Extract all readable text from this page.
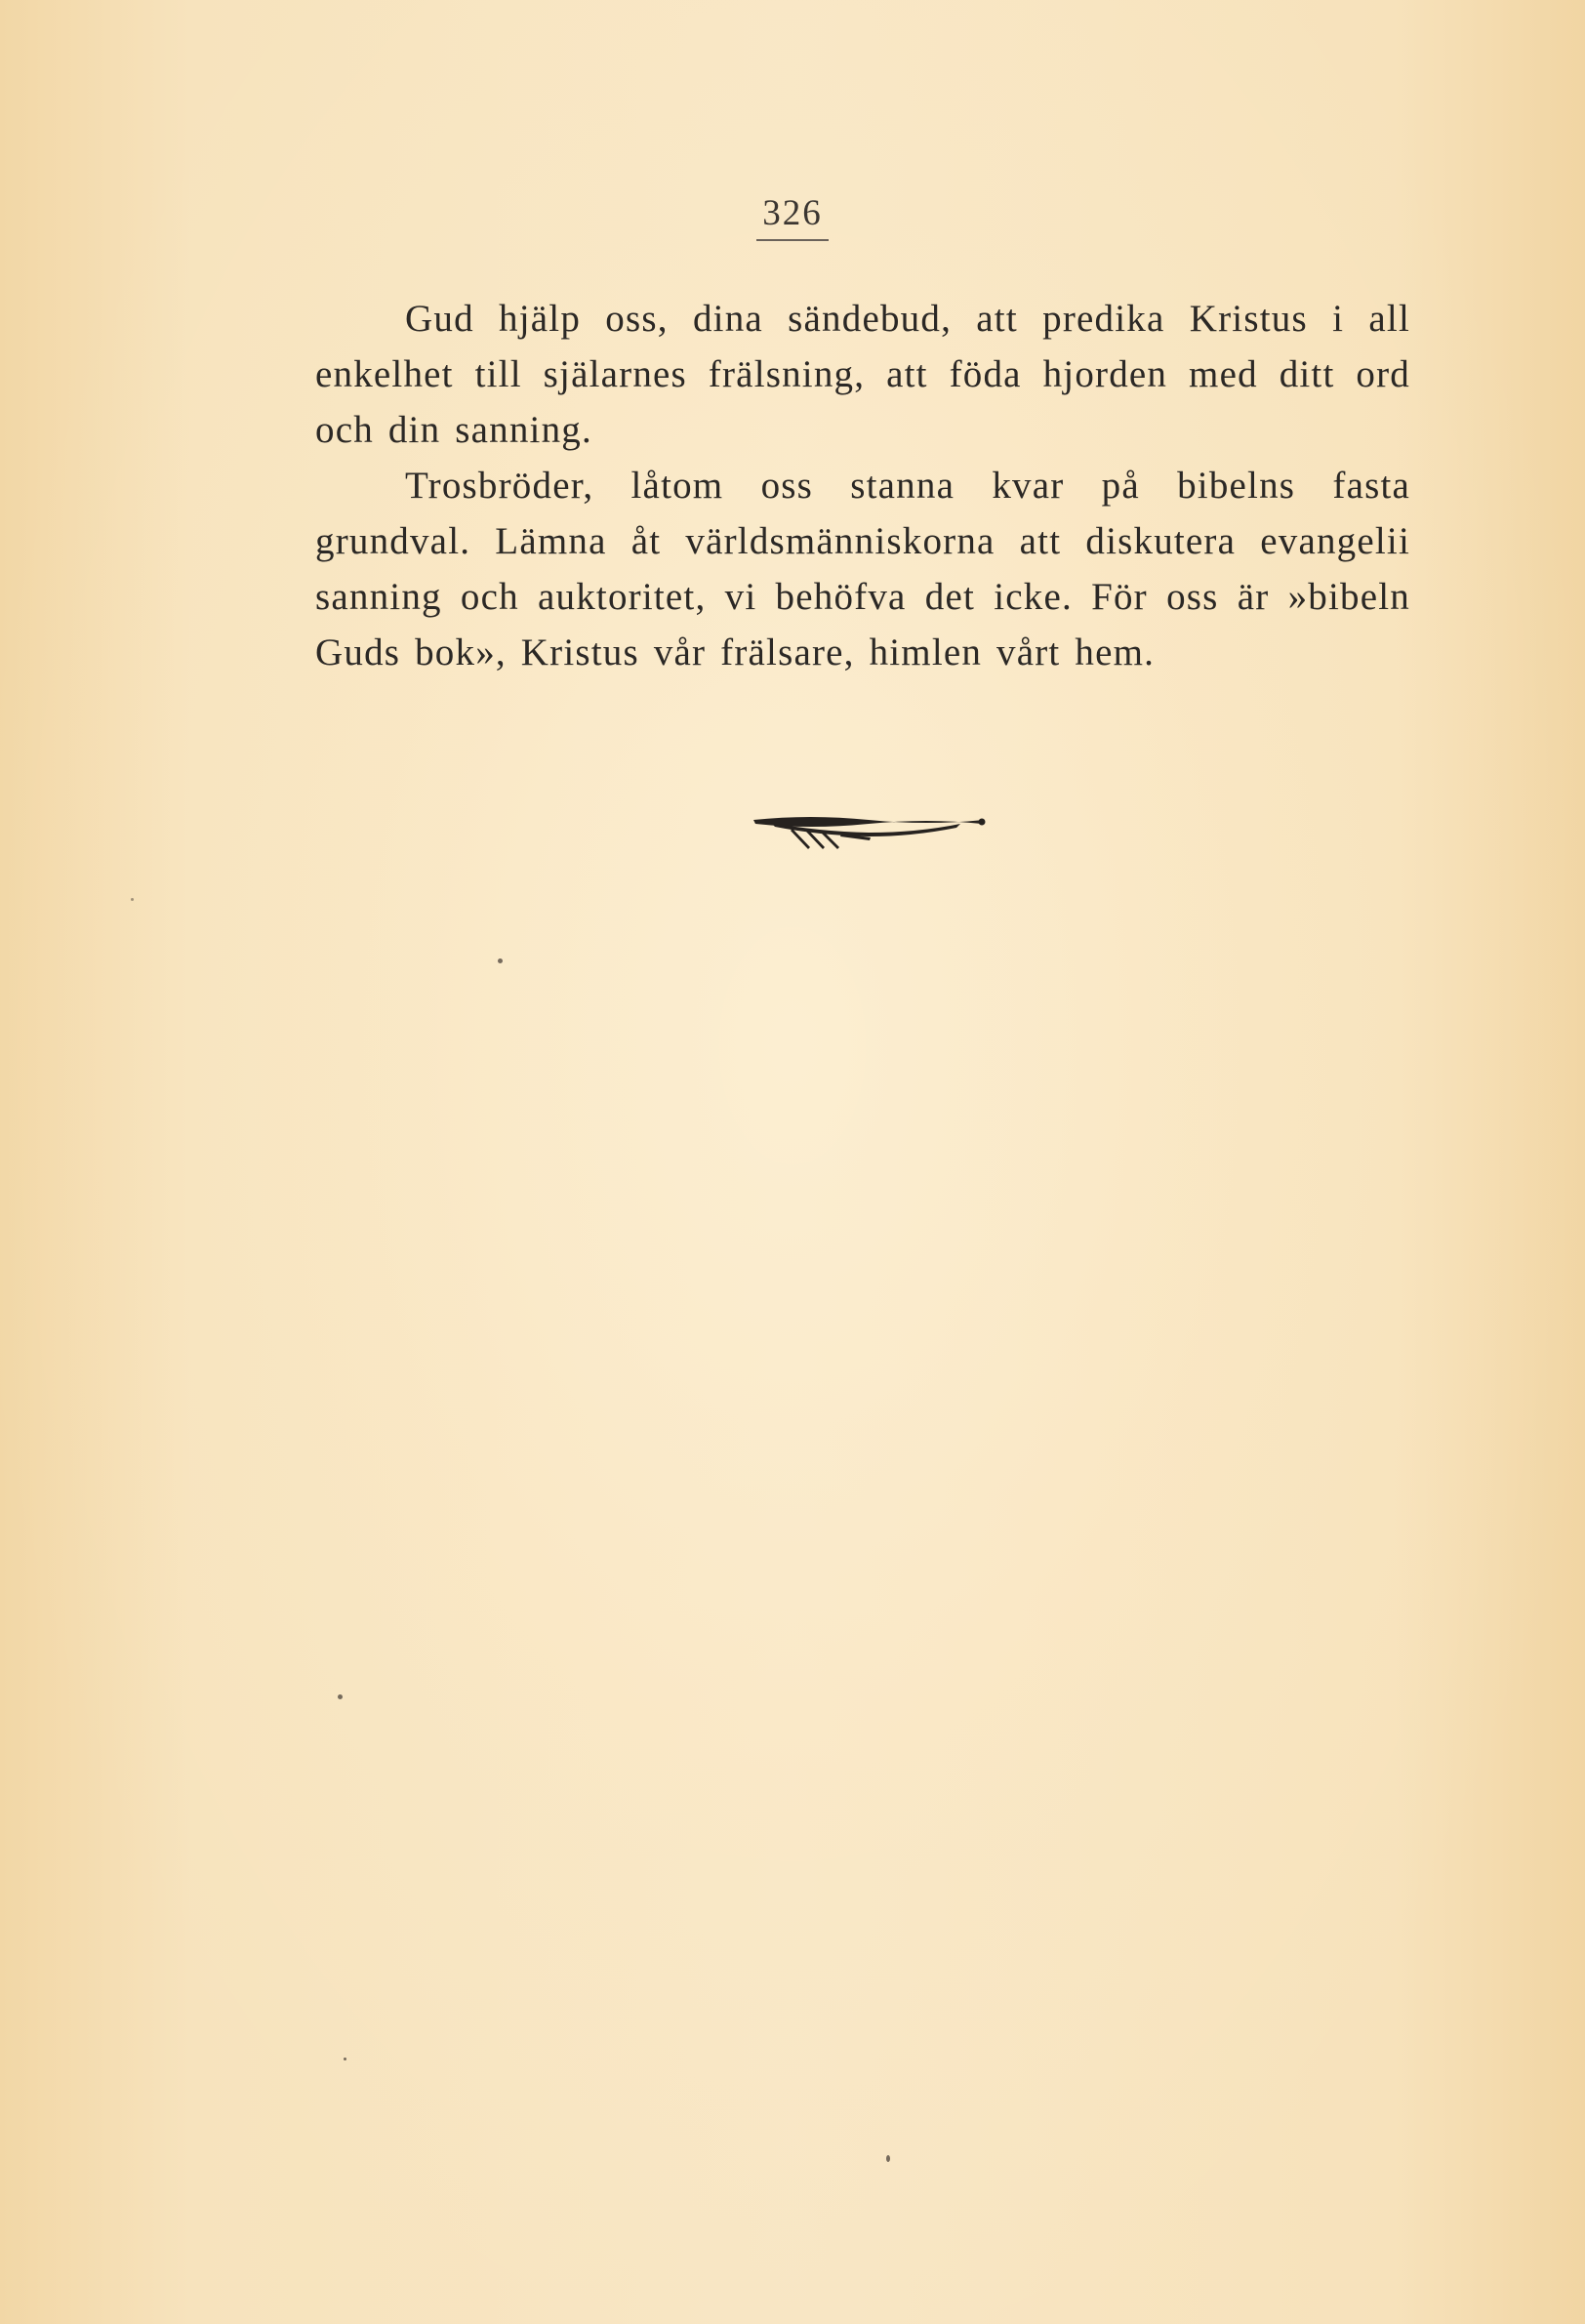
326

Gud hjälp oss, dina sändebud, att predika Kristus i all enkelhet till själarnes frälsning, att föda hjorden med ditt ord och din sanning.

Trosbröder, låtom oss stanna kvar på bibelns fasta grundval. Lämna åt världsmänniskorna att diskutera evangelii sanning och auktoritet, vi behöfva det icke. För oss är »bibeln Guds bok», Kristus vår frälsare, himlen vårt hem.
